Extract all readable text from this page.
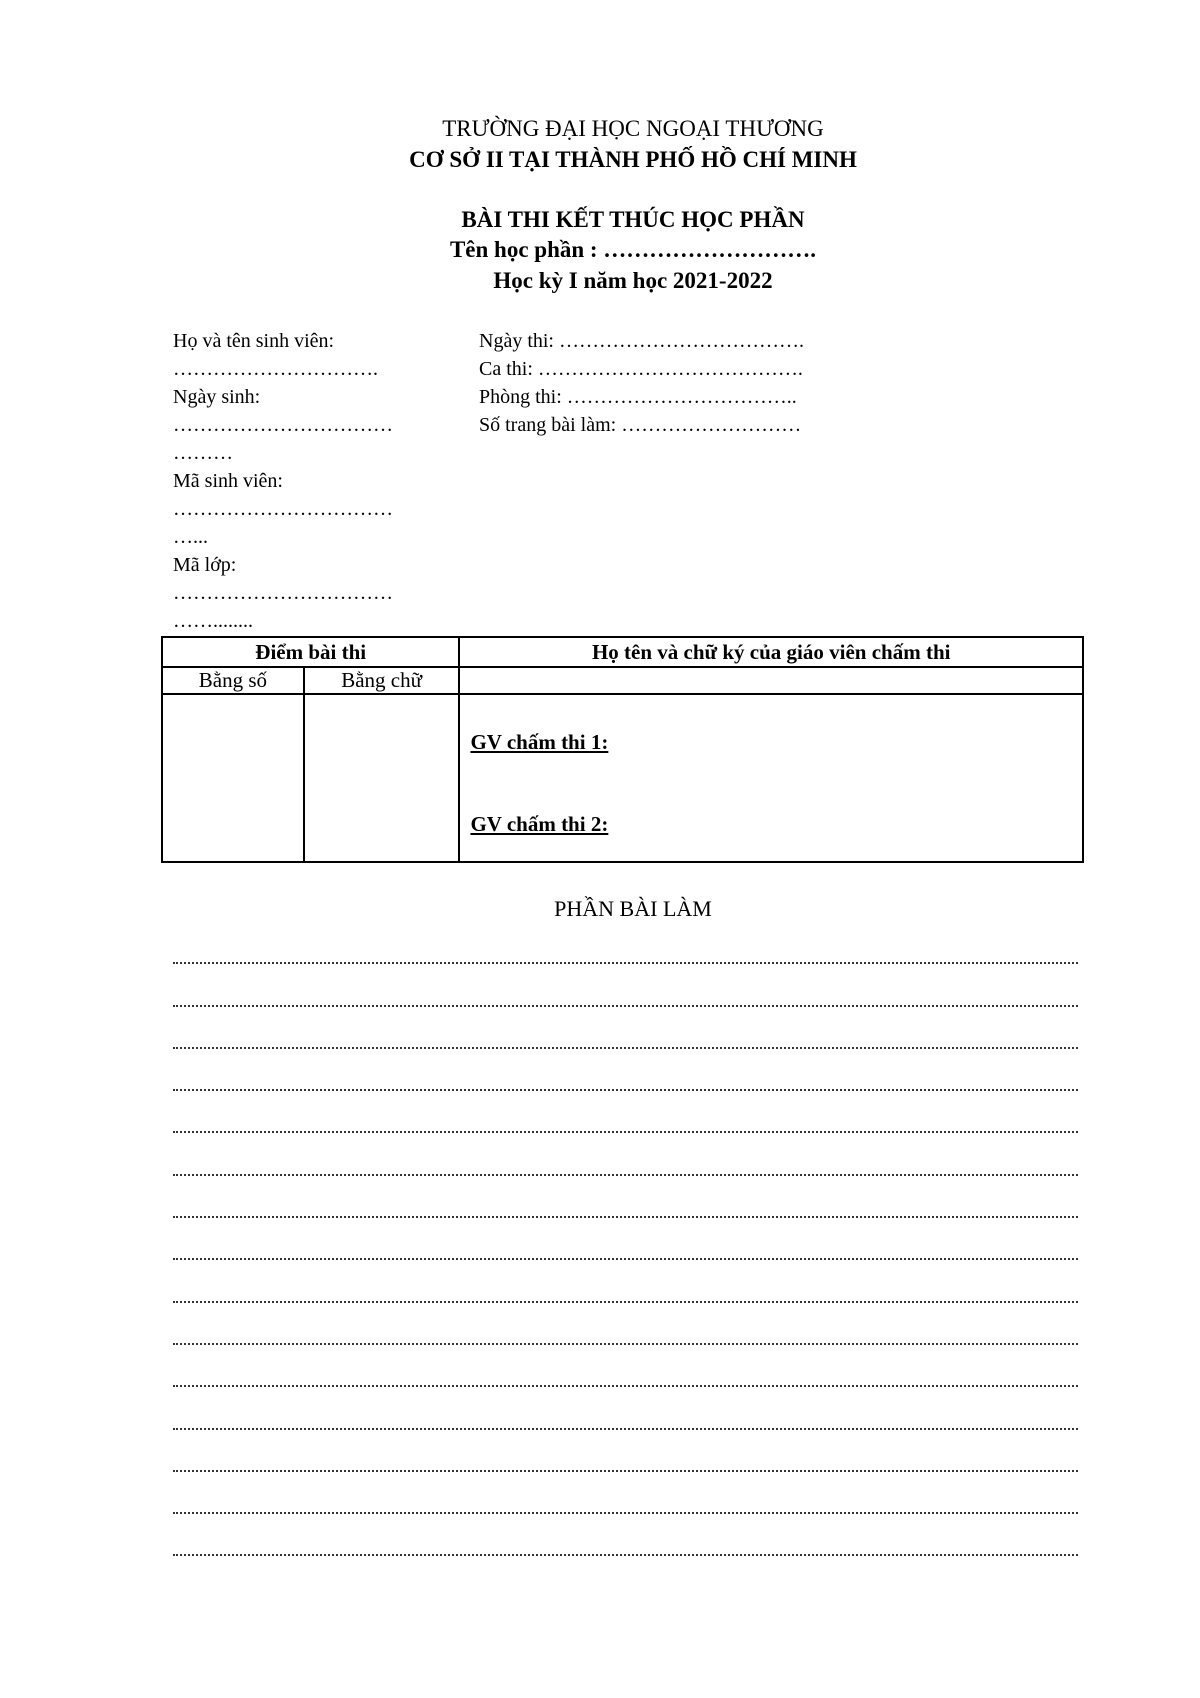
TRƯỜNG ĐẠI HỌC NGOẠI THƯƠNG
CƠ SỞ II TẠI THÀNH PHỐ HỒ CHÍ MINH
BÀI THI KẾT THÚC HỌC PHẦN
Tên học phần : ……………………….
Học kỳ I năm học 2021-2022
Họ và tên sinh viên:
………………………….
Ngày sinh:
……………………………
………
Mã sinh viên:
……………………………
…...
Mã lớp:
……………………………
……........
Ngày thi: ……………………………….
Ca thi: ………………………………….
Phòng thi: ……………………………..
Số trang bài làm: ………………………
Điểm bài thi		Họ tên và chữ ký của giáo viên chấm thi
Bằng số	Bằng chữ	

		GV chấm thi 1:
GV chấm thi 2:
PHẦN BÀI LÀM
